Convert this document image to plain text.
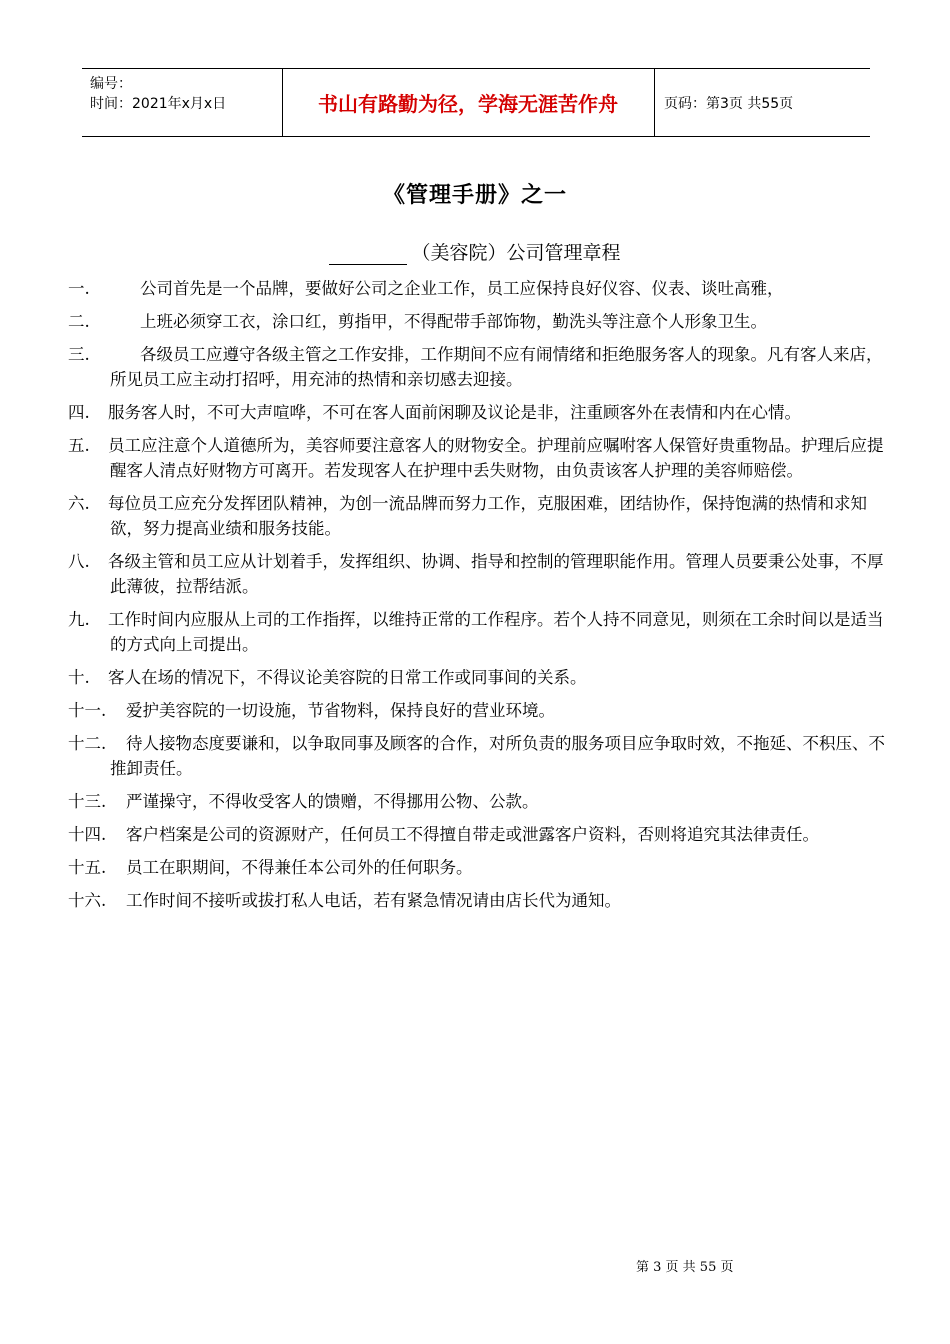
编号：
时间：2021年x月x日	书山有路勤为径，学海无涯苦作舟	页码：第3页 共55页
《管理手册》之一
（美容院）公司管理章程
一.	公司首先是一个品牌，要做好公司之企业工作，员工应保持良好仪容、仪表、谈吐高雅，
二.	上班必须穿工衣，涂口红，剪指甲，不得配带手部饰物，勤洗头等注意个人形象卫生。
三.	各级员工应遵守各级主管之工作安排，工作期间不应有闹情绪和拒绝服务客人的现象。凡有客人来店，所见员工应主动打招呼，用充沛的热情和亲切感去迎接。
四. 服务客人时，不可大声喧哗，不可在客人面前闲聊及议论是非，注重顾客外在表情和内在心情。
五. 员工应注意个人道德所为，美容师要注意客人的财物安全。护理前应嘱咐客人保管好贵重物品。护理后应提醒客人清点好财物方可离开。若发现客人在护理中丢失财物，由负责该客人护理的美容师赔偿。
六. 每位员工应充分发挥团队精神，为创一流品牌而努力工作，克服困难，团结协作，保持饱满的热情和求知欲，努力提高业绩和服务技能。
八. 各级主管和员工应从计划着手，发挥组织、协调、指导和控制的管理职能作用。管理人员要秉公处事，不厚此薄彼，拉帮结派。
九. 工作时间内应服从上司的工作指挥，以维持正常的工作程序。若个人持不同意见，则须在工余时间以是适当的方式向上司提出。
十. 客人在场的情况下，不得议论美容院的日常工作或同事间的关系。
十一.	爱护美容院的一切设施，节省物料，保持良好的营业环境。
十二.	待人接物态度要谦和，以争取同事及顾客的合作，对所负责的服务项目应争取时效，不拖延、不积压、不推卸责任。
十三.	严谨操守，不得收受客人的馈赠，不得挪用公物、公款。
十四.	客户档案是公司的资源财产，任何员工不得擅自带走或泄露客户资料，否则将追究其法律责任。
十五.	员工在职期间，不得兼任本公司外的任何职务。
十六.	工作时间不接听或拔打私人电话，若有紧急情况请由店长代为通知。
第 3 页 共 55 页
